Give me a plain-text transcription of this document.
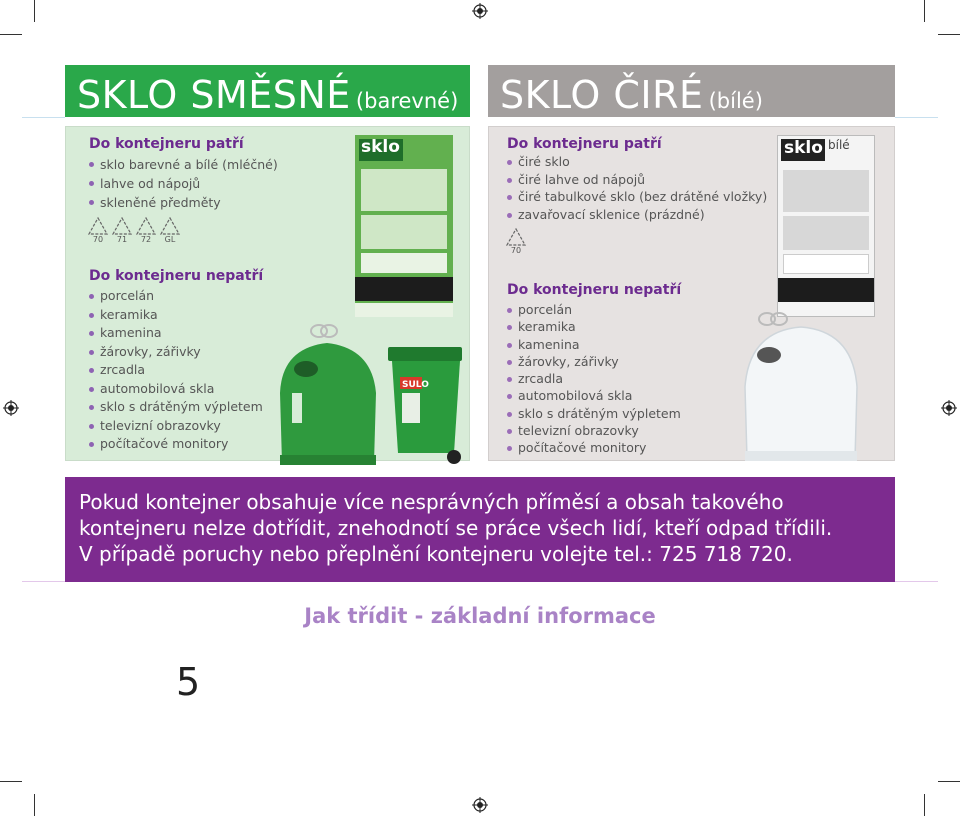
SKLO SMĚSNÉ (barevné) SKLO ČIRÉ (bílé)
Do kontejneru patří
sklo barevné a bílé (mléčné)
lahve od nápojů
skleněné předměty
70	71	72	GL
Do kontejneru nepatří
porcelán
keramika
kamenina
žárovky, zářivky
zrcadla
automobilová skla
sklo s drátěným výpletem
televizní obrazovky
počítačové monitory
sklo
SULO
Do kontejneru patří
čiré sklo
čiré lahve od nápojů
čiré tabulkové sklo (bez drátěné vložky)
zavařovací sklenice (prázdné)
70
Do kontejneru nepatří
porcelán
keramika
kamenina
žárovky, zářivky
zrcadla
automobilová skla
sklo s drátěným výpletem
televizní obrazovky
počítačové monitory
sklo bílé

Pokud kontejner obsahuje více nesprávných příměsí a obsah takového

kontejneru nelze dotřídit, znehodnotí se práce všech lidí, kteří odpad třídili.

V případě poruchy nebo přeplnění kontejneru volejte tel.: 725 718 720.

Jak třídit - základní informace
5
